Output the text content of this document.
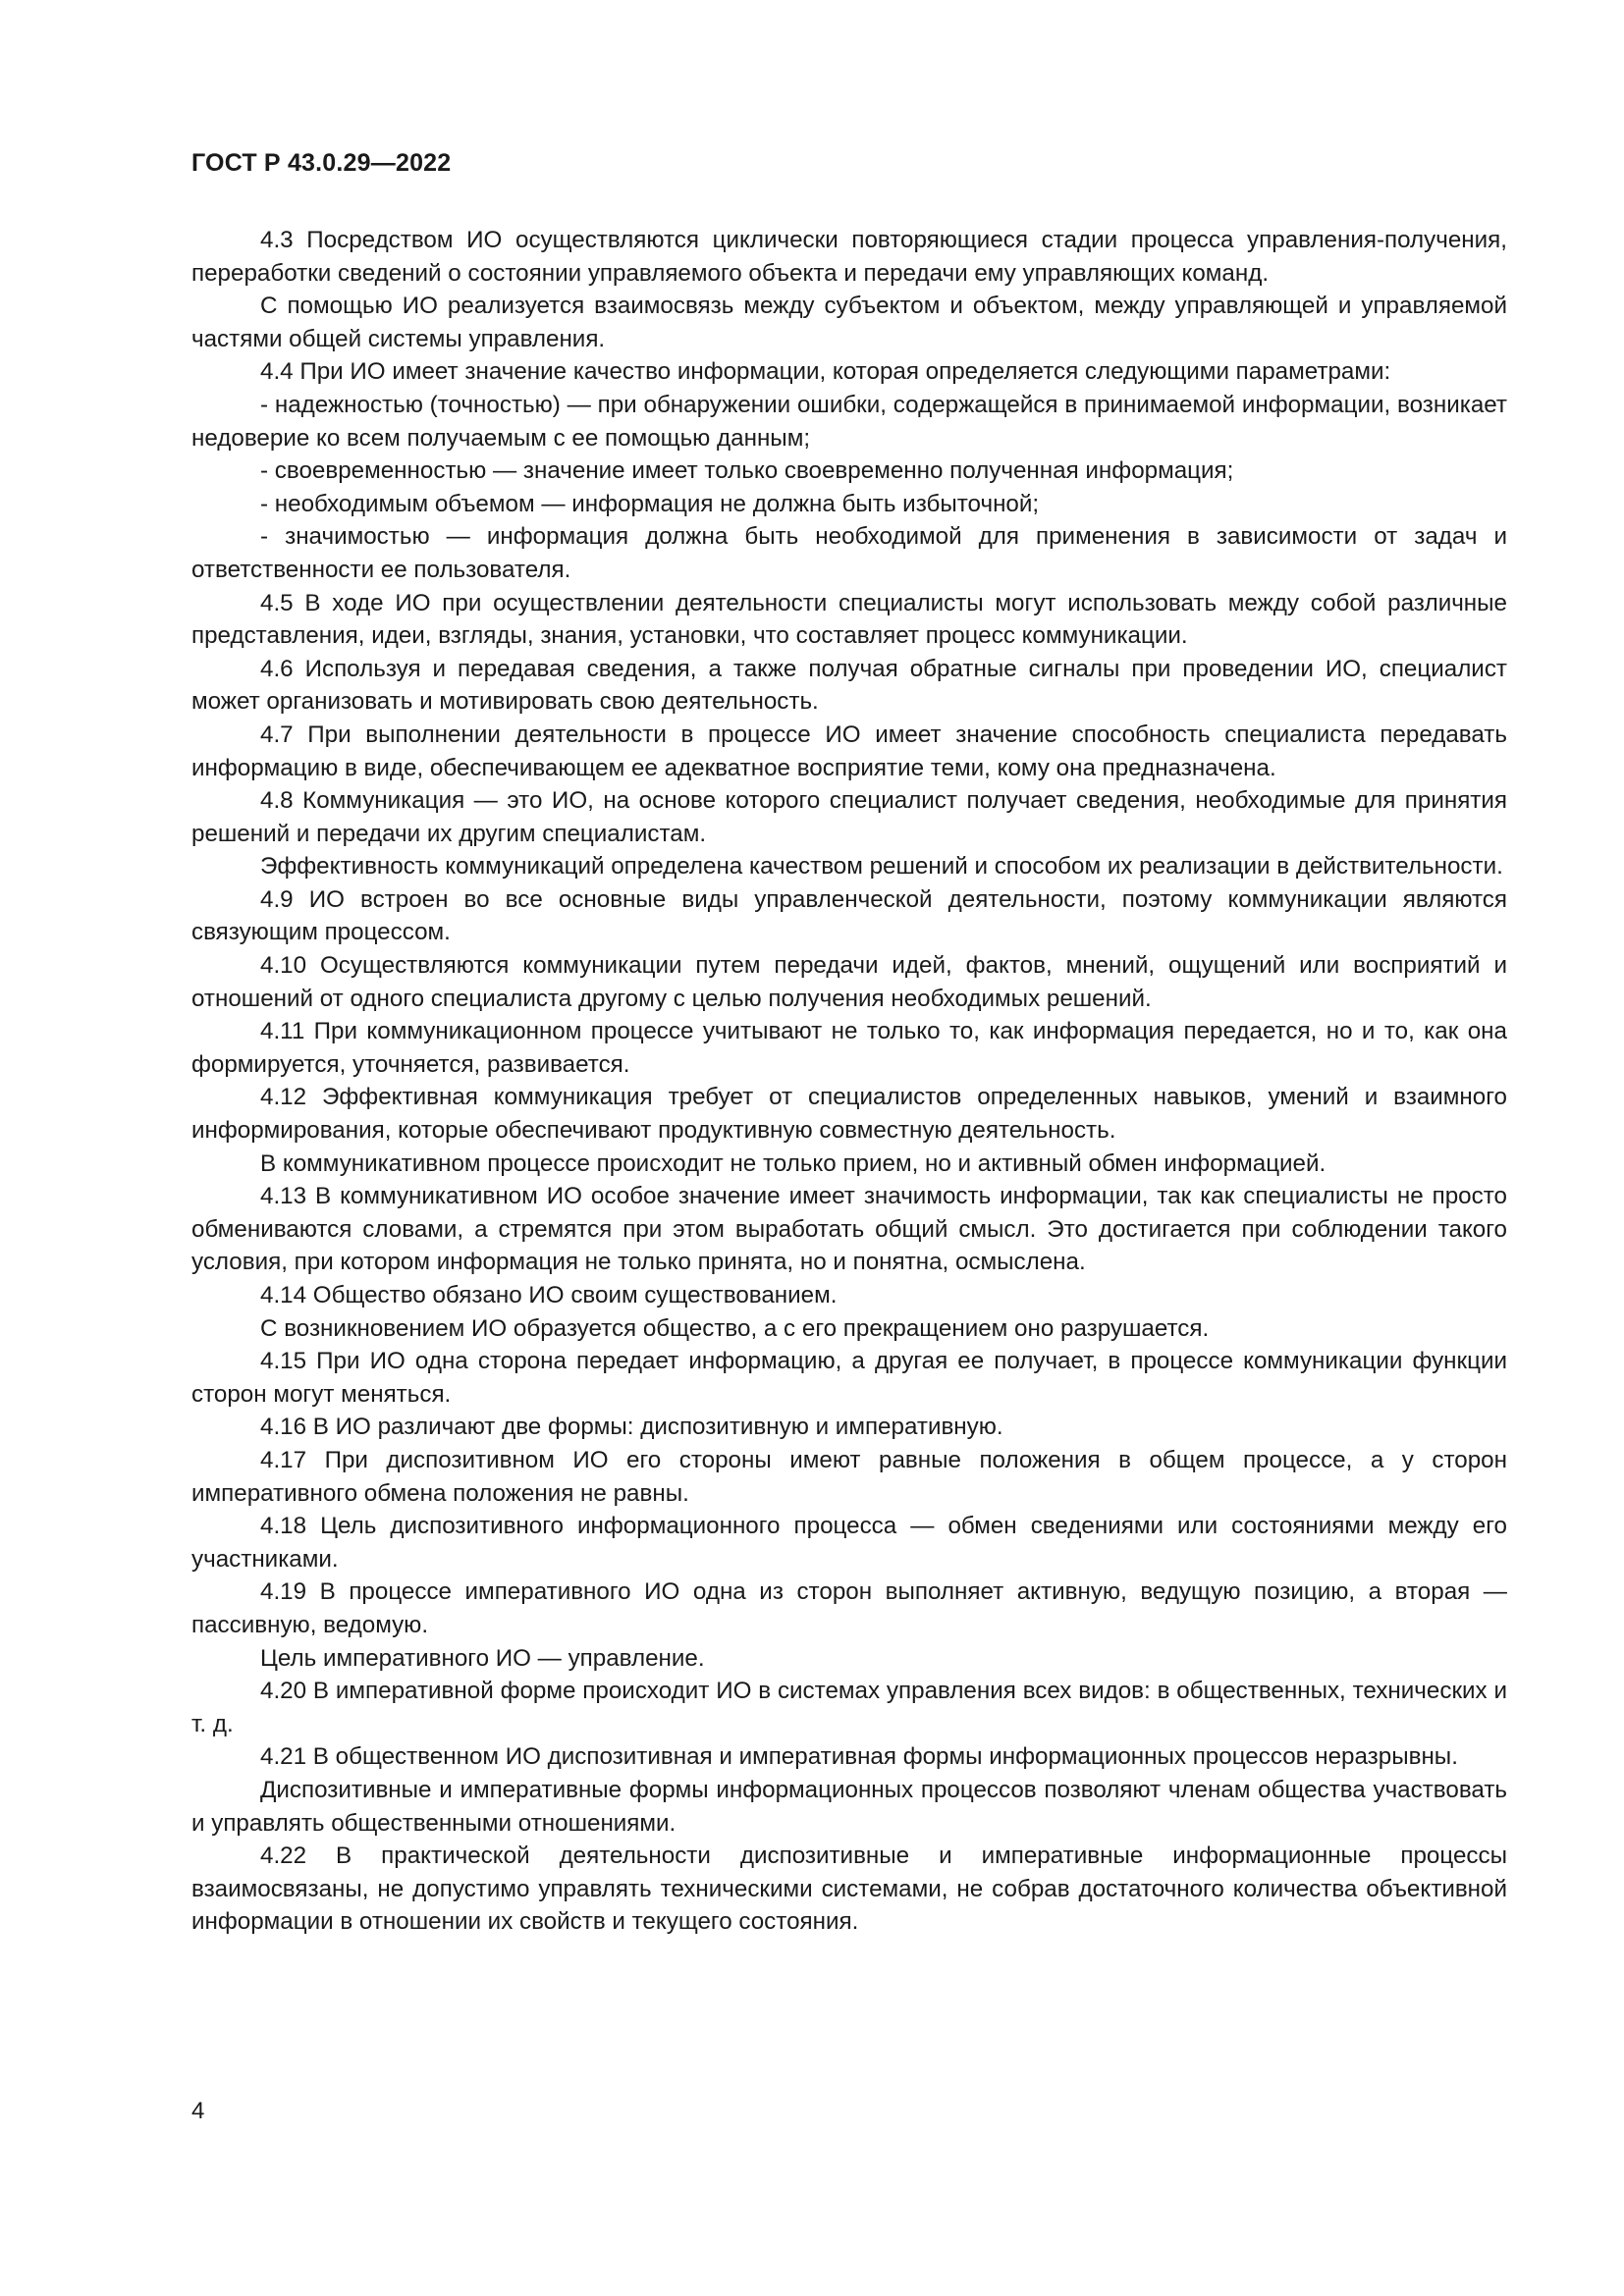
ГОСТ Р 43.0.29—2022

4.3 Посредством ИО осуществляются циклически повторяющиеся стадии процесса управления-получения, переработки сведений о состоянии управляемого объекта и передачи ему управляющих команд.

С помощью ИО реализуется взаимосвязь между субъектом и объектом, между управляющей и управляемой частями общей системы управления.

4.4 При ИО имеет значение качество информации, которая определяется следующими параметрами:

- надежностью (точностью) — при обнаружении ошибки, содержащейся в принимаемой информации, возникает недоверие ко всем получаемым с ее помощью данным;

- своевременностью — значение имеет только своевременно полученная информация;

- необходимым объемом — информация не должна быть избыточной;

- значимостью — информация должна быть необходимой для применения в зависимости от задач и ответственности ее пользователя.

4.5 В ходе ИО при осуществлении деятельности специалисты могут использовать между собой различные представления, идеи, взгляды, знания, установки, что составляет процесс коммуникации.

4.6 Используя и передавая сведения, а также получая обратные сигналы при проведении ИО, специалист может организовать и мотивировать свою деятельность.

4.7 При выполнении деятельности в процессе ИО имеет значение способность специалиста передавать информацию в виде, обеспечивающем ее адекватное восприятие теми, кому она предназначена.

4.8 Коммуникация — это ИО, на основе которого специалист получает сведения, необходимые для принятия решений и передачи их другим специалистам.

Эффективность коммуникаций определена качеством решений и способом их реализации в действительности.

4.9 ИО встроен во все основные виды управленческой деятельности, поэтому коммуникации являются связующим процессом.

4.10 Осуществляются коммуникации путем передачи идей, фактов, мнений, ощущений или восприятий и отношений от одного специалиста другому с целью получения необходимых решений.

4.11 При коммуникационном процессе учитывают не только то, как информация передается, но и то, как она формируется, уточняется, развивается.

4.12 Эффективная коммуникация требует от специалистов определенных навыков, умений и взаимного информирования, которые обеспечивают продуктивную совместную деятельность.

В коммуникативном процессе происходит не только прием, но и активный обмен информацией.

4.13 В коммуникативном ИО особое значение имеет значимость информации, так как специалисты не просто обмениваются словами, а стремятся при этом выработать общий смысл. Это достигается при соблюдении такого условия, при котором информация не только принята, но и понятна, осмыслена.

4.14 Общество обязано ИО своим существованием.

С возникновением ИО образуется общество, а с его прекращением оно разрушается.

4.15 При ИО одна сторона передает информацию, а другая ее получает, в процессе коммуникации функции сторон могут меняться.

4.16 В ИО различают две формы: диспозитивную и императивную.

4.17 При диспозитивном ИО его стороны имеют равные положения в общем процессе, а у сторон императивного обмена положения не равны.

4.18 Цель диспозитивного информационного процесса — обмен сведениями или состояниями между его участниками.

4.19 В процессе императивного ИО одна из сторон выполняет активную, ведущую позицию, а вторая — пассивную, ведомую.

Цель императивного ИО — управление.

4.20 В императивной форме происходит ИО в системах управления всех видов: в общественных, технических и т. д.

4.21 В общественном ИО диспозитивная и императивная формы информационных процессов неразрывны.

Диспозитивные и императивные формы информационных процессов позволяют членам общества участвовать и управлять общественными отношениями.

4.22 В практической деятельности диспозитивные и императивные информационные процессы взаимосвязаны, не допустимо управлять техническими системами, не собрав достаточного количества объективной информации в отношении их свойств и текущего состояния.

4
